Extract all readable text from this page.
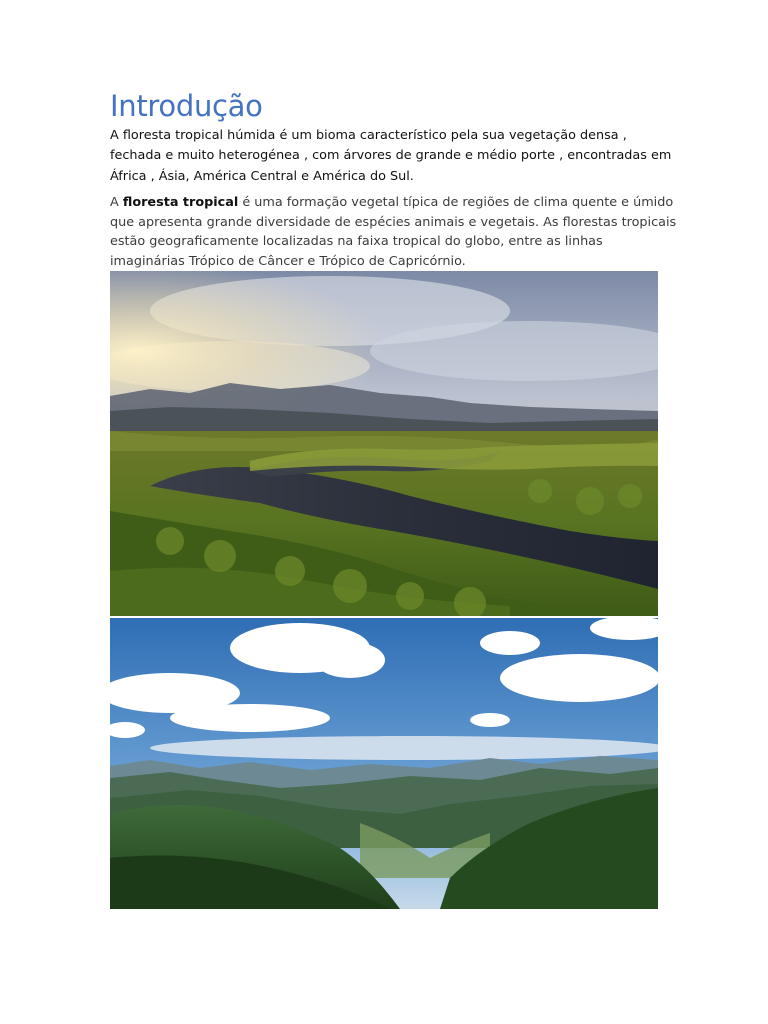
Introdução

A floresta tropical húmida é um bioma característico pela sua vegetação densa ,
fechada e muito heterogénea , com árvores de grande e médio porte , encontradas em
África , Ásia, América Central e América do Sul.

A floresta tropical é uma formação vegetal típica de regiões de clima quente e úmido
que apresenta grande diversidade de espécies animais e vegetais. As florestas tropicais
estão geograficamente localizadas na faixa tropical do globo, entre as linhas
imaginárias Trópico de Câncer e Trópico de Capricórnio.
